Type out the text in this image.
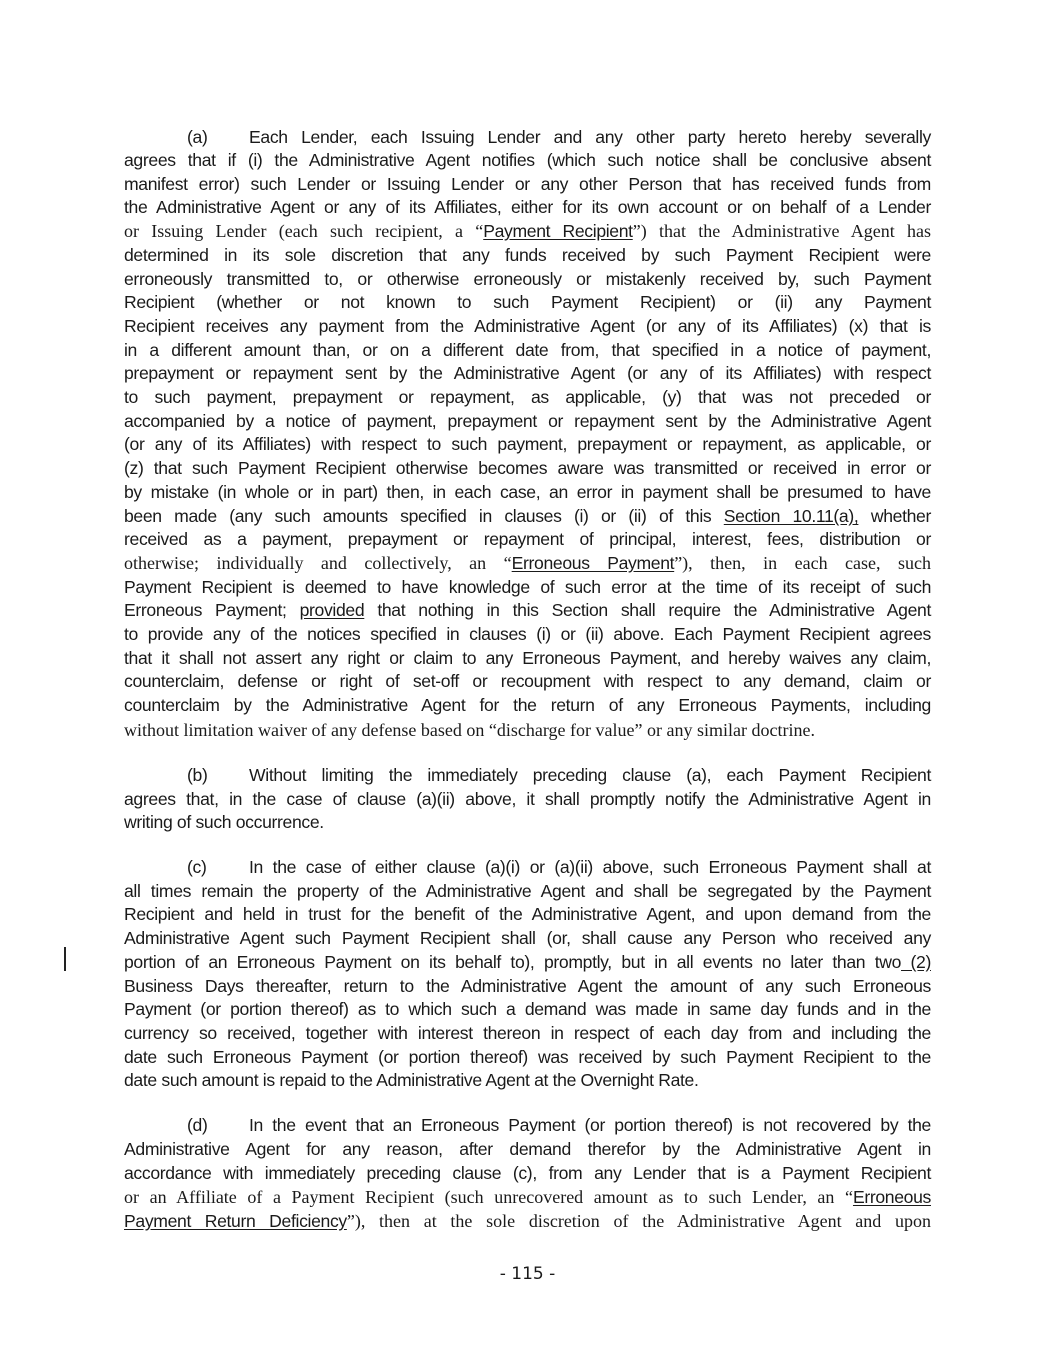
(a) Each Lender, each Issuing Lender and any other party hereto hereby severally
agrees that if (i) the Administrative Agent notifies (which such notice shall be conclusive absent
manifest error) such Lender or Issuing Lender or any other Person that has received funds from
the Administrative Agent or any of its Affiliates, either for its own account or on behalf of a Lender
or Issuing Lender (each such recipient, a “Payment Recipient”) that the Administrative Agent has
determined in its sole discretion that any funds received by such Payment Recipient were
erroneously transmitted to, or otherwise erroneously or mistakenly received by, such Payment
Recipient (whether or not known to such Payment Recipient) or (ii) any Payment
Recipient receives any payment from the Administrative Agent (or any of its Affiliates) (x) that is
in a different amount than, or on a different date from, that specified in a notice of payment,
prepayment or repayment sent by the Administrative Agent (or any of its Affiliates) with respect
to such payment, prepayment or repayment, as applicable, (y) that was not preceded or
accompanied by a notice of payment, prepayment or repayment sent by the Administrative Agent
(or any of its Affiliates) with respect to such payment, prepayment or repayment, as applicable, or
(z) that such Payment Recipient otherwise becomes aware was transmitted or received in error or
by mistake (in whole or in part) then, in each case, an error in payment shall be presumed to have
been made (any such amounts specified in clauses (i) or (ii) of this Section 10.11(a), whether
received as a payment, prepayment or repayment of principal, interest, fees, distribution or
otherwise; individually and collectively, an “Erroneous Payment”), then, in each case, such
Payment Recipient is deemed to have knowledge of such error at the time of its receipt of such
Erroneous Payment; provided that nothing in this Section shall require the Administrative Agent
to provide any of the notices specified in clauses (i) or (ii) above. Each Payment Recipient agrees
that it shall not assert any right or claim to any Erroneous Payment, and hereby waives any claim,
counterclaim, defense or right of set-off or recoupment with respect to any demand, claim or
counterclaim by the Administrative Agent for the return of any Erroneous Payments, including
without limitation waiver of any defense based on “discharge for value” or any similar doctrine.
(b) Without limiting the immediately preceding clause (a), each Payment Recipient
agrees that, in the case of clause (a)(ii) above, it shall promptly notify the Administrative Agent in
writing of such occurrence.
(c) In the case of either clause (a)(i) or (a)(ii) above, such Erroneous Payment shall at
all times remain the property of the Administrative Agent and shall be segregated by the Payment
Recipient and held in trust for the benefit of the Administrative Agent, and upon demand from the
Administrative Agent such Payment Recipient shall (or, shall cause any Person who received any
portion of an Erroneous Payment on its behalf to), promptly, but in all events no later than two (2)
Business Days thereafter, return to the Administrative Agent the amount of any such Erroneous
Payment (or portion thereof) as to which such a demand was made in same day funds and in the
currency so received, together with interest thereon in respect of each day from and including the
date such Erroneous Payment (or portion thereof) was received by such Payment Recipient to the
date such amount is repaid to the Administrative Agent at the Overnight Rate.
(d) In the event that an Erroneous Payment (or portion thereof) is not recovered by the
Administrative Agent for any reason, after demand therefor by the Administrative Agent in
accordance with immediately preceding clause (c), from any Lender that is a Payment Recipient
or an Affiliate of a Payment Recipient (such unrecovered amount as to such Lender, an “Erroneous
Payment Return Deficiency”), then at the sole discretion of the Administrative Agent and upon
- 115 -
